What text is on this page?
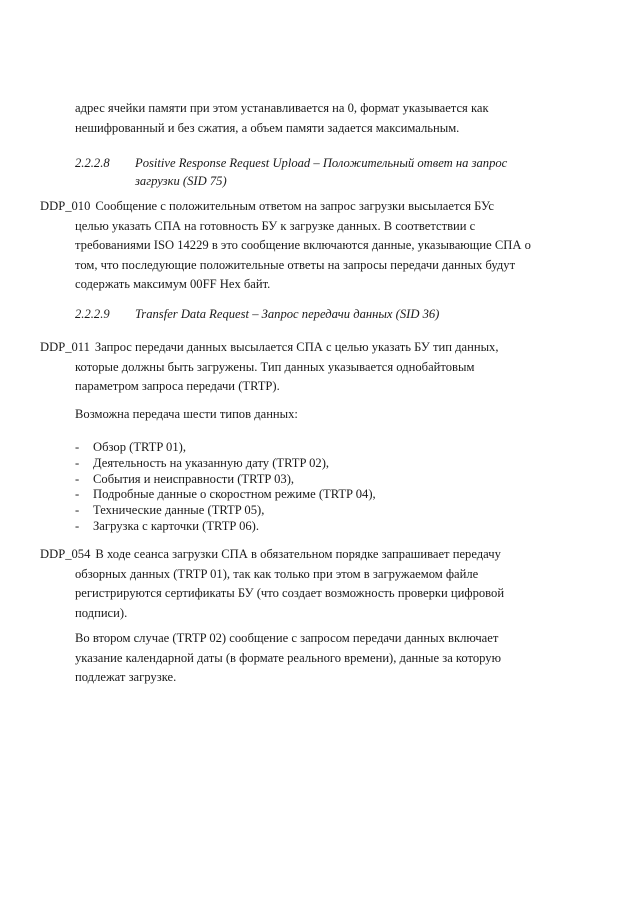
адрес ячейки памяти при этом устанавливается на 0, формат указывается как
нешифрованный и без сжатия, а объем памяти задается максимальным.
2.2.2.8 Positive Response Request Upload – Положительный ответ на запрос
загрузки (SID 75)
DDP_010 Сообщение с положительным ответом на запрос загрузки высылается БУс
целью указать СПА на готовность БУ к загрузке данных. В соответствии с
требованиями ISO 14229 в это сообщение включаются данные, указывающие СПА о
том, что последующие положительные ответы на запросы передачи данных будут
содержать максимум 00FF Hex байт.
2.2.2.9 Transfer Data Request – Запрос передачи данных (SID 36)
DDP_011 Запрос передачи данных высылается СПА с целью указать БУ тип данных,
которые должны быть загружены. Тип данных указывается однобайтовым
параметром запроса передачи (TRTP).
Возможна передача шести типов данных:
- Обзор (TRTP 01),
- Деятельность на указанную дату (TRTP 02),
- События и неисправности (TRTP 03),
- Подробные данные о скоростном режиме (TRTP 04),
- Технические данные (TRTP 05),
- Загрузка с карточки (TRTP 06).
DDP_054 В ходе сеанса загрузки СПА в обязательном порядке запрашивает передачу
обзорных данных (TRTP 01), так как только при этом в загружаемом файле
регистрируются сертификаты БУ (что создает возможность проверки цифровой
подписи).
Во втором случае (TRTP 02) сообщение с запросом передачи данных включает
указание календарной даты (в формате реального времени), данные за которую
подлежат загрузке.
